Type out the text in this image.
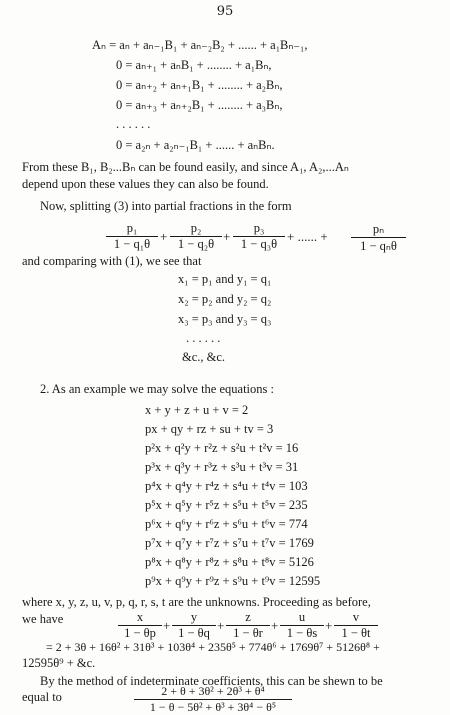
95
Aₙ = aₙ + aₙ₋₁B₁ + aₙ₋₂B₂ + ...... + a₁Bₙ₋₁,
0 = aₙ₊₁ + aₙB₁ + ........ + a₁Bₙ,
0 = aₙ₊₂ + aₙ₊₁B₁ + ........ + a₂Bₙ,
0 = aₙ₊₃ + aₙ₊₂B₁ + ........ + a₃Bₙ,
. . . . . .
0 = a₂ₙ + a₂ₙ₋₁B₁ + ...... + aₙBₙ.
From these B₁, B₂...Bₙ can be found easily, and since A₁, A₂,...Aₙ
depend upon these values they can also be found.
Now, splitting (3) into partial fractions in the form
$\frac{\text{p₁}}{\text{1 − q₁θ}} + \frac{\text{p₂}}{\text{1 − q₂θ}} + \frac{\text{p₃}}{\text{1 − q₃θ}}$ + ...... +	pₙ
1 − qₙθ
and comparing with (1), we see that
x₁ = p₁ and y₁ = q₁
x₂ = p₂ and y₂ = q₂
x₃ = p₃ and y₃ = q₃
. . . . . .
&c., &c.
2. As an example we may solve the equations :
x + y + z + u + v = 2
px + qy + rz + su + tv = 3
p²x + q²y + r²z + s²u + t²v = 16
p³x + q³y + r³z + s³u + t³v = 31
p⁴x + q⁴y + r⁴z + s⁴u + t⁴v = 103
p⁵x + q⁵y + r⁵z + s⁵u + t⁵v = 235
p⁶x + q⁶y + r⁶z + s⁶u + t⁶v = 774
p⁷x + q⁷y + r⁷z + s⁷u + t⁷v = 1769
p⁸x + q⁸y + r⁸z + s⁸u + t⁸v = 5126
p⁹x + q⁹y + r⁹z + s⁹u + t⁹v = 12595
where x, y, z, u, v, p, q, r, s, t are the unknowns. Proceeding as before,
we have	$\frac{x}{1 - \theta p} + \frac{y}{1 - \theta q} + \frac{z}{1 - \theta r} + \frac{u}{1 - \theta s} + \frac{v}{1 - \theta t}$
= 2 + 3θ + 16θ² + 31θ³ + 103θ⁴ + 235θ⁵ + 774θ⁶ + 1769θ⁷ + 5126θ⁸ +
12595θ⁹ + &c.
By the method of indeterminate coefficients, this can be shewn to be
equal to	$\frac{\text{2 + θ + 3θ² + 2θ³ + θ⁴}}{\text{1 − θ − 5θ² + θ³ + 3θ⁴ − θ⁵}}$
